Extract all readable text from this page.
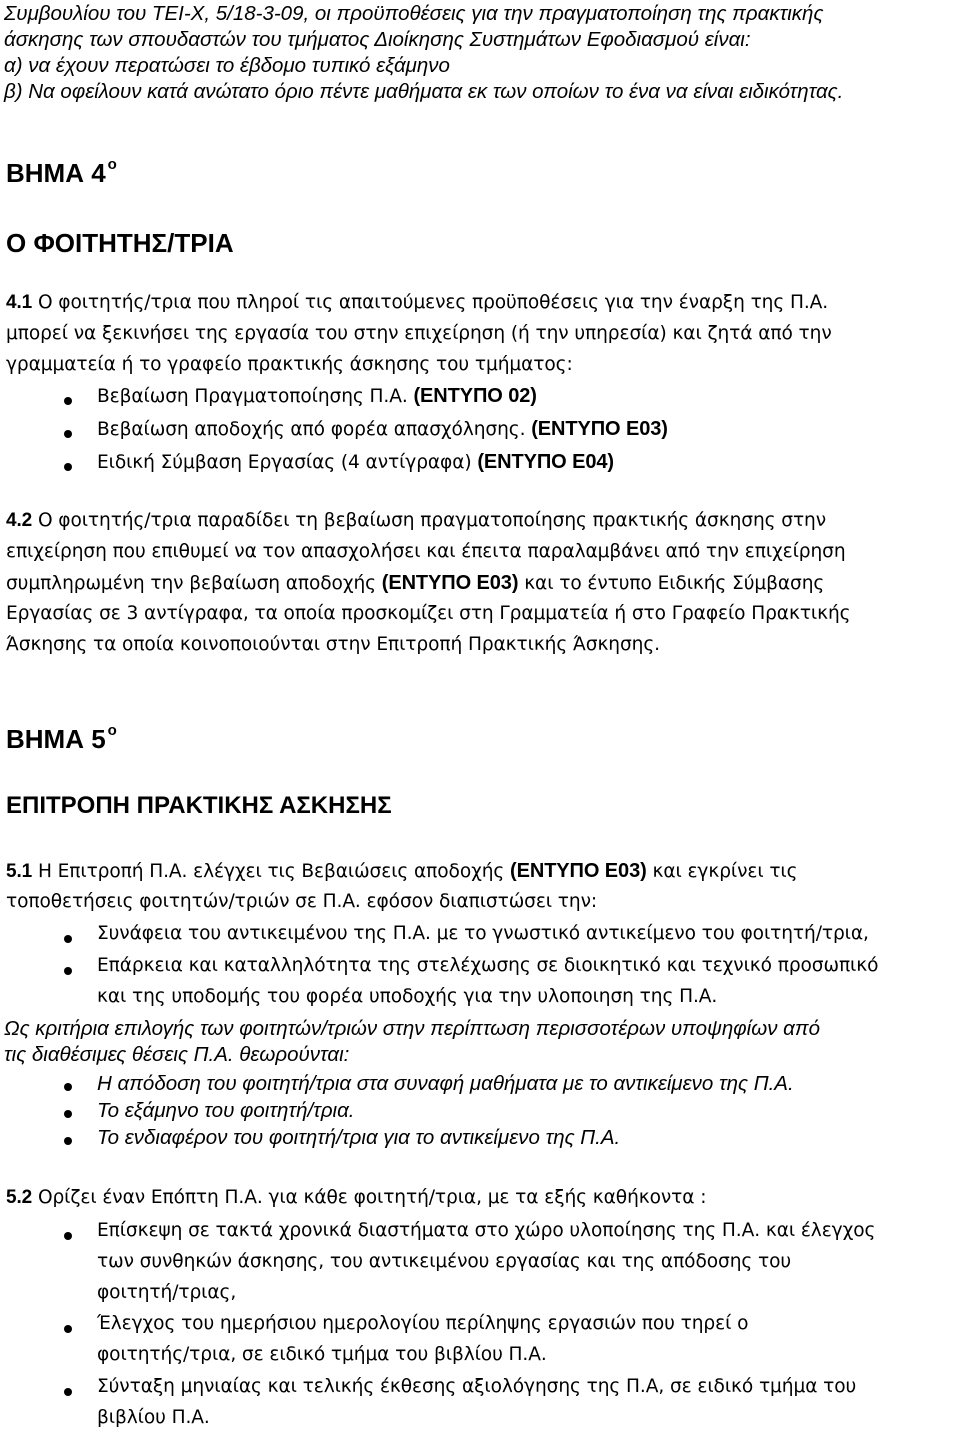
Συμβουλίου του ΤΕΙ-Χ, 5/18-3-09, οι προϋποθέσεις για την πραγματοποίηση της πρακτικής
άσκησης των σπουδαστών του τμήματος Διοίκησης Συστημάτων Εφοδιασμού είναι:
α) να έχουν περατώσει το έβδομο τυπικό εξάμηνο
β) Να οφείλουν κατά ανώτατο όριο πέντε μαθήματα εκ των οποίων το ένα να είναι ειδικότητας.
ΒΗΜΑ 4 $^o$
Ο ΦΟΙΤΗΤΗΣ/ΤΡΙΑ
4.1 Ο φοιτητής/τρια που πληροί τις απαιτούμενες προϋποθέσεις για την έναρξη της Π.Α.
μπορεί να ξεκινήσει της εργασία του στην επιχείρηση (ή την υπηρεσία) και ζητά από την
γραμματεία ή το γραφείο πρακτικής άσκησης του τμήματος:
Βεβαίωση Πραγματοποίησης Π.Α. (ΕΝΤΥΠΟ 02)
Βεβαίωση αποδοχής από φορέα απασχόλησης. (ΕΝΤΥΠΟ Ε03)
Ειδική Σύμβαση Εργασίας (4 αντίγραφα) (ΕΝΤΥΠΟ Ε04)
4.2 Ο φοιτητής/τρια παραδίδει τη βεβαίωση πραγματοποίησης πρακτικής άσκησης στην
επιχείρηση που επιθυμεί να τον απασχολήσει και έπειτα παραλαμβάνει από την επιχείρηση
συμπληρωμένη την βεβαίωση αποδοχής (ΕΝΤΥΠΟ Ε03) και το έντυπο Ειδικής Σύμβασης
Εργασίας σε 3 αντίγραφα, τα οποία προσκομίζει στη Γραμματεία ή στο Γραφείο Πρακτικής
Άσκησης τα οποία κοινοποιούνται στην Επιτροπή Πρακτικής Άσκησης.
ΒΗΜΑ 5 $^o$
ΕΠΙΤΡΟΠΗ ΠΡΑΚΤΙΚΗΣ ΑΣΚΗΣΗΣ
5.1 Η Επιτροπή Π.Α. ελέγχει τις Βεβαιώσεις αποδοχής (ΕΝΤΥΠΟ Ε03) και εγκρίνει τις
τοποθετήσεις φοιτητών/τριών σε Π.Α. εφόσον διαπιστώσει την:
Συνάφεια του αντικειμένου της Π.Α. με το γνωστικό αντικείμενο του φοιτητή/τρια,
Επάρκεια και καταλληλότητα της στελέχωσης σε διοικητικό και τεχνικό προσωπικό
και της υποδομής του φορέα υποδοχής για την υλοποιηση της Π.Α.
Ως κριτήρια επιλογής των φοιτητών/τριών στην περίπτωση περισσοτέρων υποψηφίων από
τις διαθέσιμες θέσεις Π.Α. θεωρούνται:
Η απόδοση του φοιτητή/τρια στα συναφή μαθήματα με το αντικείμενο της Π.Α.
Το εξάμηνο του φοιτητή/τρια.
Το ενδιαφέρον του φοιτητή/τρια για το αντικείμενο της Π.Α.
5.2 Ορίζει έναν Επόπτη Π.Α. για κάθε φοιτητή/τρια, με τα εξής καθήκοντα :
Επίσκεψη σε τακτά χρονικά διαστήματα στο χώρο υλοποίησης της Π.Α. και έλεγχος
των συνθηκών άσκησης, του αντικειμένου εργασίας και της απόδοσης του
φοιτητή/τριας,
Έλεγχος του ημερήσιου ημερολογίου περίληψης εργασιών που τηρεί ο
φοιτητής/τρια, σε ειδικό τμήμα του βιβλίου Π.Α.
Σύνταξη μηνιαίας και τελικής έκθεσης αξιολόγησης της Π.Α, σε ειδικό τμήμα του
βιβλίου Π.Α.
